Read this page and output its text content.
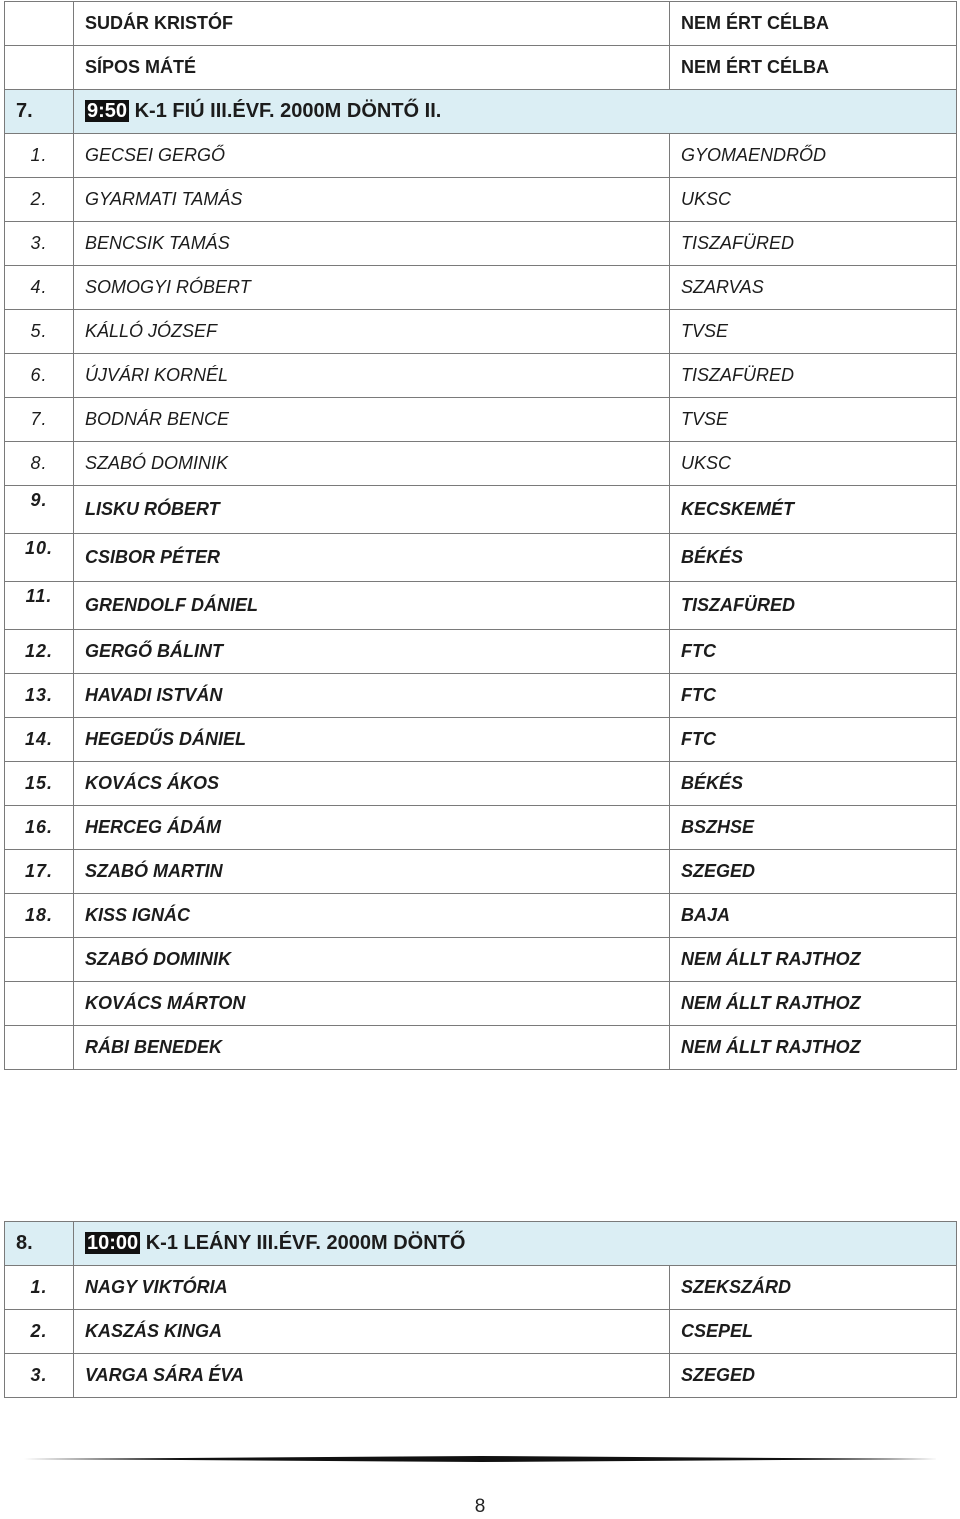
	SUDÁR KRISTÓF	NEM ÉRT CÉLBA
	SÍPOS MÁTÉ	NEM ÉRT CÉLBA
7.	9:50 K-1 FIÚ III.ÉVF. 2000M DÖNTŐ II.	
1.	GECSEI GERGŐ	GYOMAENDRŐD
2.	GYARMATI TAMÁS	UKSC
3.	BENCSIK TAMÁS	TISZAFÜRED
4.	SOMOGYI RÓBERT	SZARVAS
5.	KÁLLÓ JÓZSEF	TVSE
6.	ÚJVÁRI KORNÉL	TISZAFÜRED
7.	BODNÁR BENCE	TVSE
8.	SZABÓ DOMINIK	UKSC
9.	LISKU RÓBERT	KECSKEMÉT
10.	CSIBOR PÉTER	BÉKÉS
11.	GRENDOLF DÁNIEL	TISZAFÜRED
12.	GERGŐ BÁLINT	FTC
13.	HAVADI ISTVÁN	FTC
14.	HEGEDŰS DÁNIEL	FTC
15.	KOVÁCS ÁKOS	BÉKÉS
16.	HERCEG ÁDÁM	BSZHSE
17.	SZABÓ MARTIN	SZEGED
18.	KISS IGNÁC	BAJA
	SZABÓ DOMINIK	NEM ÁLLT RAJTHOZ
	KOVÁCS MÁRTON	NEM ÁLLT RAJTHOZ
	RÁBI BENEDEK	NEM ÁLLT RAJTHOZ
8.	10:00 K-1 LEÁNY III.ÉVF. 2000M DÖNTŐ	
1.	NAGY VIKTÓRIA	SZEKSZÁRD
2.	KASZÁS KINGA	CSEPEL
3.	VARGA SÁRA ÉVA	SZEGED
8
